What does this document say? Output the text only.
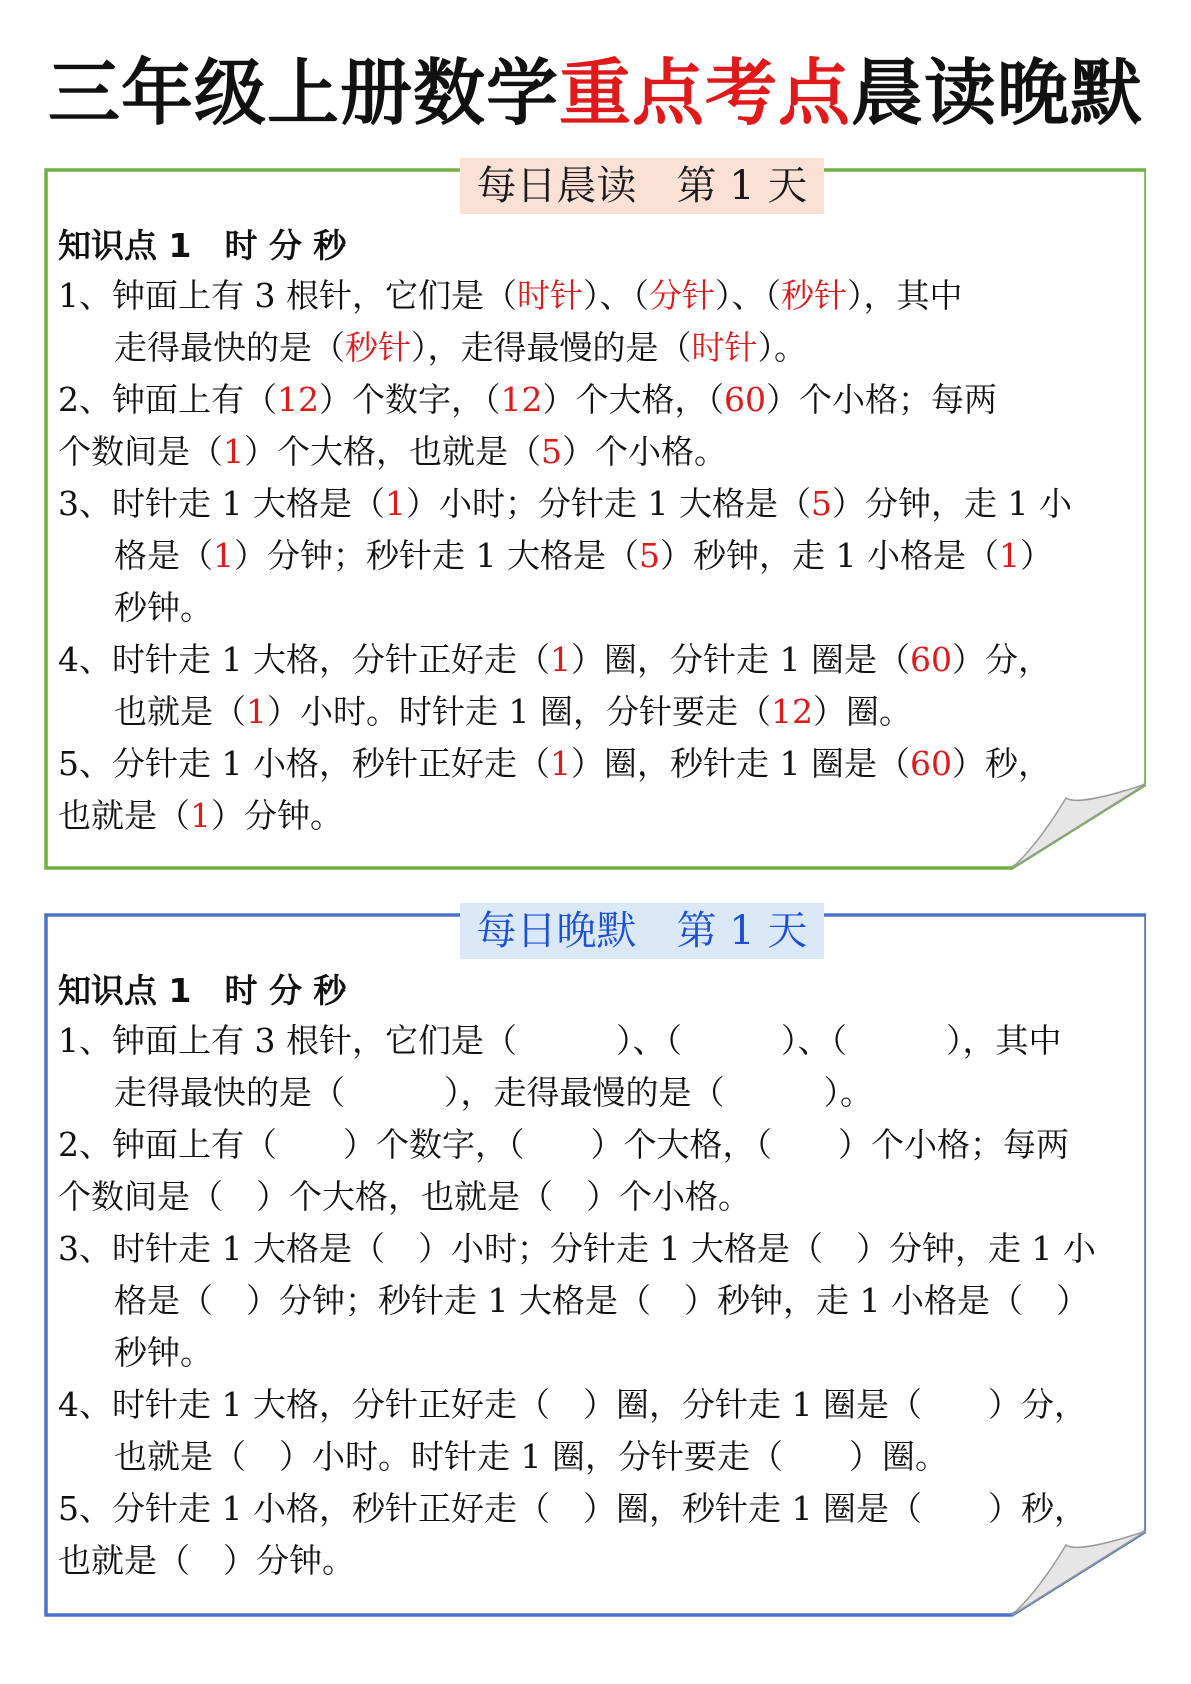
三年级上册数学重点考点晨读晚默
每日晨读　第 1 天
知识点 1　时 分 秒
1、钟面上有 3 根针，它们是（时针）、（分针）、（秒针），其中
走得最快的是（秒针），走得最慢的是（时针）。
2、钟面上有（12）个数字，（12）个大格，（60）个小格；每两
个数间是（1）个大格，也就是（5）个小格。
3、时针走 1 大格是（1）小时；分针走 1 大格是（5）分钟，走 1 小
格是（1）分钟；秒针走 1 大格是（5）秒钟，走 1 小格是（1）
秒钟。
4、时针走 1 大格，分针正好走（1）圈，分针走 1 圈是（60）分，
也就是（1）小时。时针走 1 圈，分针要走（12）圈。
5、分针走 1 小格，秒针正好走（1）圈，秒针走 1 圈是（60）秒，
也就是（1）分钟。
每日晚默　第 1 天
知识点 1　时 分 秒
1、钟面上有 3 根针，它们是（　　　）、（　　　）、（　　　），其中
走得最快的是（　　　），走得最慢的是（　　　）。
2、钟面上有（　　）个数字，（　　）个大格，（　　）个小格；每两
个数间是（　）个大格，也就是（　）个小格。
3、时针走 1 大格是（　）小时；分针走 1 大格是（　）分钟，走 1 小
格是（　）分钟；秒针走 1 大格是（　）秒钟，走 1 小格是（　）
秒钟。
4、时针走 1 大格，分针正好走（　）圈，分针走 1 圈是（　　）分，
也就是（　）小时。时针走 1 圈，分针要走（　　）圈。
5、分针走 1 小格，秒针正好走（　）圈，秒针走 1 圈是（　　）秒，
也就是（　）分钟。
